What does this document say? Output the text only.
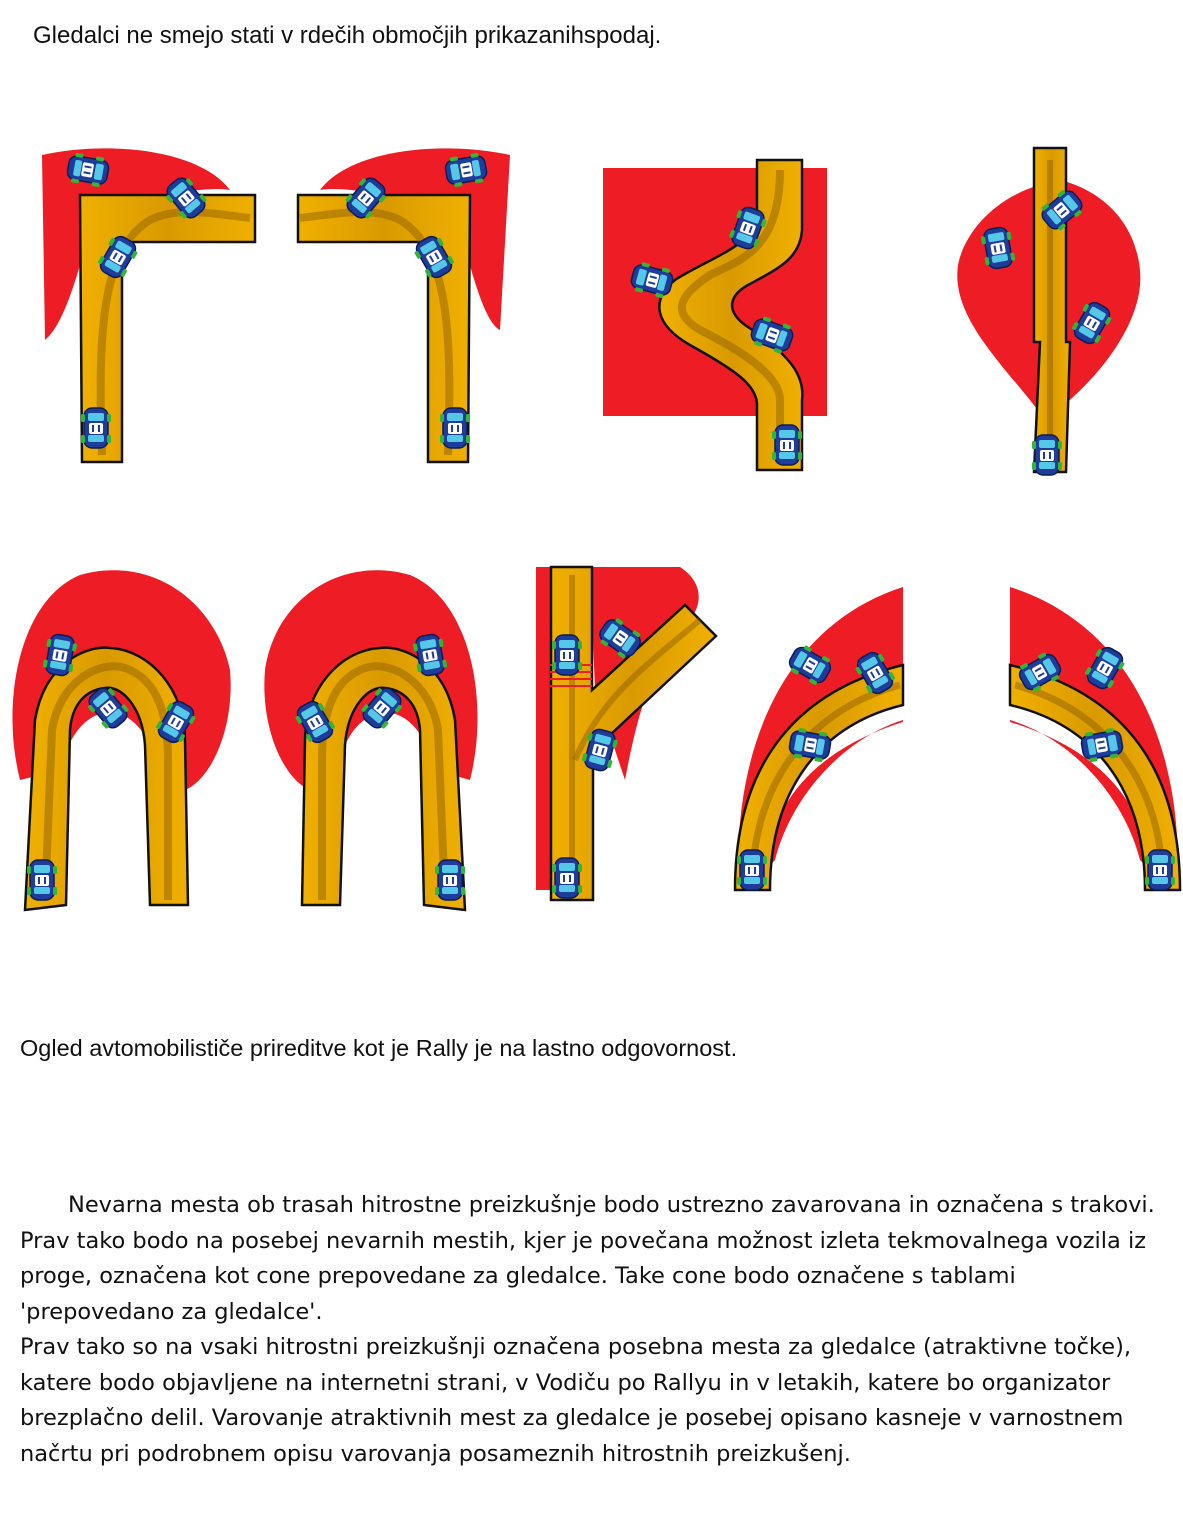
Gledalci ne smejo stati v rdečih območjih prikazanihspodaj.

Ogled avtomobilističe prireditve kot je Rally je na lastno odgovornost.

Nevarna mesta ob trasah hitrostne preizkušnje bodo ustrezno zavarovana in označena s trakovi.

Prav tako bodo na posebej nevarnih mestih, kjer je povečana možnost izleta tekmovalnega vozila iz proge, označena kot cone prepovedane za gledalce. Take cone bodo označene s tablami 'prepovedano za gledalce'.

Prav tako so na vsaki hitrostni preizkušnji označena posebna mesta za gledalce (atraktivne točke), katere bodo objavljene na internetni strani, v Vodiču po Rallyu in v letakih, katere bo organizator brezplačno delil. Varovanje atraktivnih mest za gledalce je posebej opisano kasneje v varnostnem načrtu pri podrobnem opisu varovanja posameznih hitrostnih preizkušenj.
